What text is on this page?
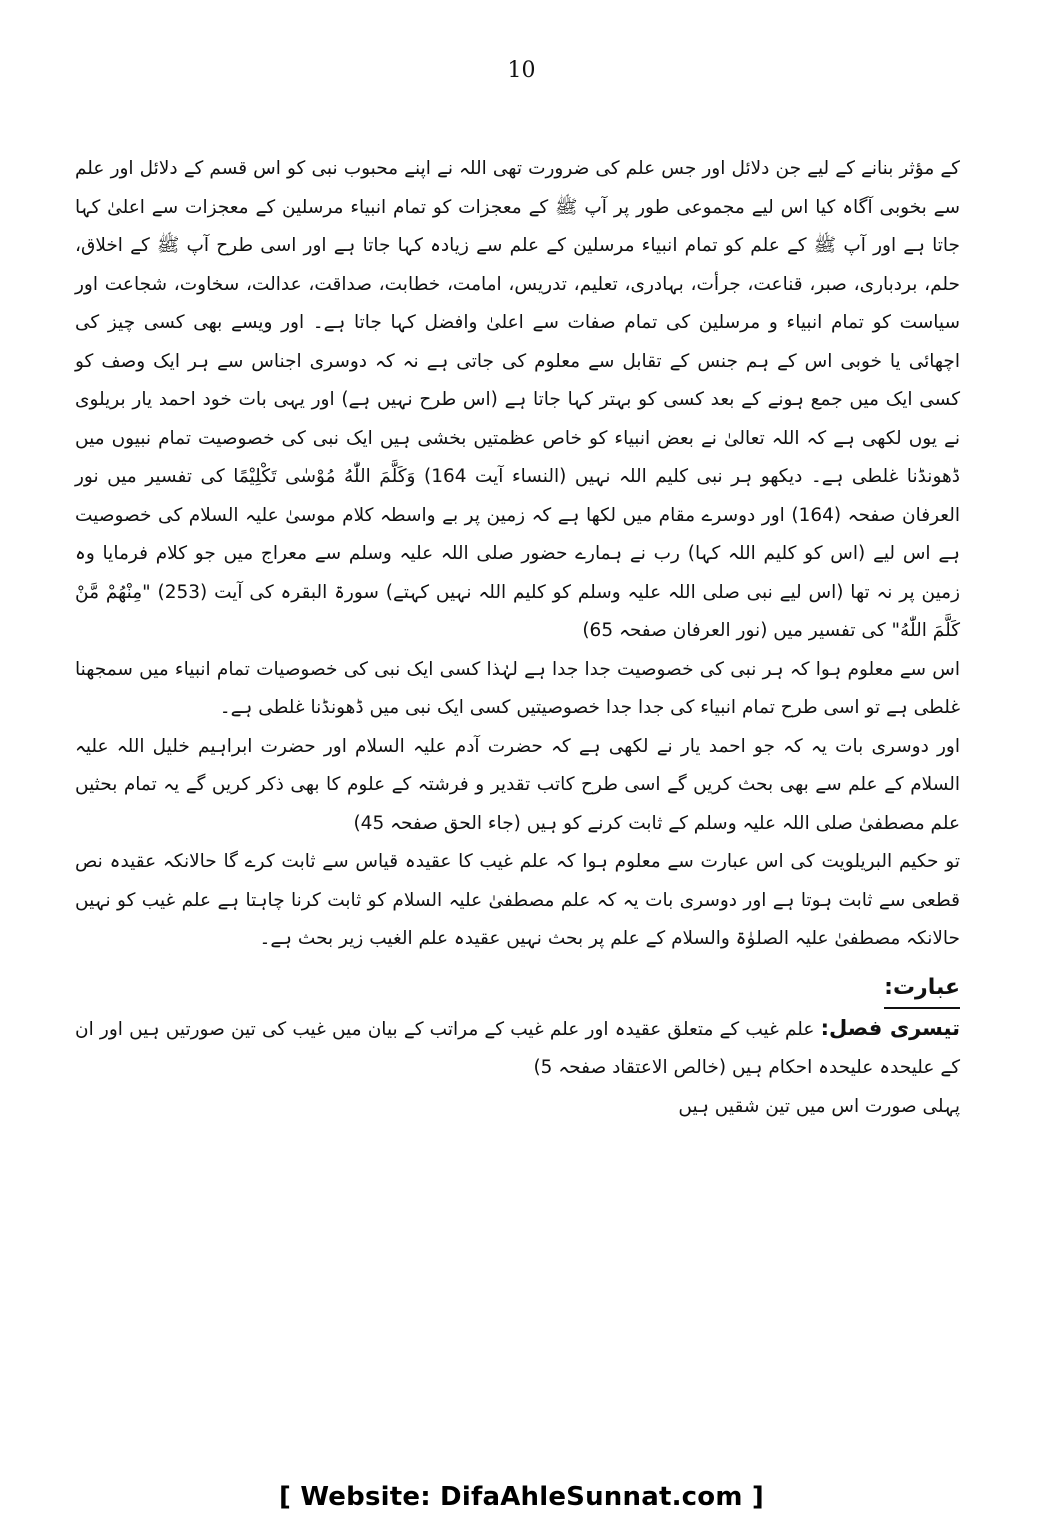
10

کے مؤثر بنانے کے لیے جن دلائل اور جس علم کی ضرورت تھی اللہ نے اپنے محبوب نبی کو اس قسم کے دلائل اور علم سے بخوبی آگاہ کیا اس لیے مجموعی طور پر آپ ﷺ کے معجزات کو تمام انبیاء مرسلین کے معجزات سے اعلیٰ کہا جاتا ہے اور آپ ﷺ کے علم کو تمام انبیاء مرسلین کے علم سے زیادہ کہا جاتا ہے اور اسی طرح آپ ﷺ کے اخلاق، حلم، بردباری، صبر، قناعت، جرأت، بہادری، تعلیم، تدریس، امامت، خطابت، صداقت، عدالت، سخاوت، شجاعت اور سیاست کو تمام انبیاء و مرسلین کی تمام صفات سے اعلیٰ وافضل کہا جاتا ہے۔ اور ویسے بھی کسی چیز کی اچھائی یا خوبی اس کے ہم جنس کے تقابل سے معلوم کی جاتی ہے نہ کہ دوسری اجناس سے ہر ایک وصف کو کسی ایک میں جمع ہونے کے بعد کسی کو بہتر کہا جاتا ہے (اس طرح نہیں ہے) اور یہی بات خود احمد یار بریلوی نے یوں لکھی ہے کہ اللہ تعالیٰ نے بعض انبیاء کو خاص عظمتیں بخشی ہیں ایک نبی کی خصوصیت تمام نبیوں میں ڈھونڈنا غلطی ہے۔ دیکھو ہر نبی کلیم اللہ نہیں (النساء آیت 164) وَكَلَّمَ اللّٰهُ مُوْسٰى تَكْلِيْمًا کی تفسیر میں نور العرفان صفحہ (164) اور دوسرے مقام میں لکھا ہے کہ زمین پر بے واسطہ کلام موسیٰ علیہ السلام کی خصوصیت ہے اس لیے (اس کو کلیم اللہ کہا) رب نے ہمارے حضور صلی اللہ علیہ وسلم سے معراج میں جو کلام فرمایا وہ زمین پر نہ تھا (اس لیے نبی صلی اللہ علیہ وسلم کو کلیم اللہ نہیں کہتے) سورۃ البقرہ کی آیت (253) "مِنْهُمْ مَّنْ كَلَّمَ اللّٰهُ" کی تفسیر میں (نور العرفان صفحہ 65)

اس سے معلوم ہوا کہ ہر نبی کی خصوصیت جدا جدا ہے لہٰذا کسی ایک نبی کی خصوصیات تمام انبیاء میں سمجھنا غلطی ہے تو اسی طرح تمام انبیاء کی جدا جدا خصوصیتیں کسی ایک نبی میں ڈھونڈنا غلطی ہے۔

اور دوسری بات یہ کہ جو احمد یار نے لکھی ہے کہ حضرت آدم علیہ السلام اور حضرت ابراہیم خلیل اللہ علیہ السلام کے علم سے بھی بحث کریں گے اسی طرح کاتب تقدیر و فرشتہ کے علوم کا بھی ذکر کریں گے یہ تمام بحثیں علم مصطفیٰ صلی اللہ علیہ وسلم کے ثابت کرنے کو ہیں (جاء الحق صفحہ 45)

تو حکیم البریلویت کی اس عبارت سے معلوم ہوا کہ علم غیب کا عقیدہ قیاس سے ثابت کرے گا حالانکہ عقیدہ نص قطعی سے ثابت ہوتا ہے اور دوسری بات یہ کہ علم مصطفیٰ علیہ السلام کو ثابت کرنا چاہتا ہے علم غیب کو نہیں حالانکہ مصطفیٰ علیہ الصلوٰۃ والسلام کے علم پر بحث نہیں عقیدہ علم الغیب زیر بحث ہے۔

عبارت:

تیسری فصل: علم غیب کے متعلق عقیدہ اور علم غیب کے مراتب کے بیان میں غیب کی تین صورتیں ہیں اور ان کے علیحدہ علیحدہ احکام ہیں (خالص الاعتقاد صفحہ 5)

پہلی صورت اس میں تین شقیں ہیں

[ Website: DifaAhleSunnat.com ]
